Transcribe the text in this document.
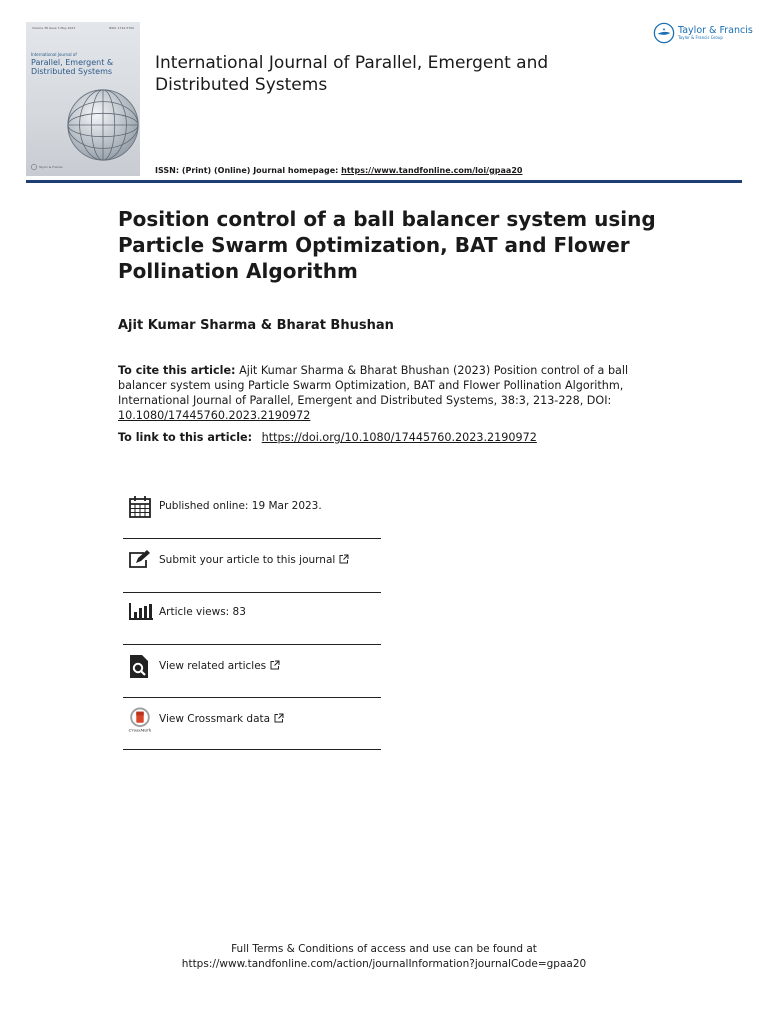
Volume 38 Issue 3 May 2023	ISSN: 1744-5760
International Journal of
Parallel, Emergent & Distributed Systems
Taylor & Francis
International Journal of Parallel, Emergent and Distributed Systems
Taylor & Francis
Taylor & Francis Group
ISSN: (Print) (Online) Journal homepage: https://www.tandfonline.com/loi/gpaa20
Position control of a ball balancer system using Particle Swarm Optimization, BAT and Flower Pollination Algorithm
Ajit Kumar Sharma & Bharat Bhushan
To cite this article: Ajit Kumar Sharma & Bharat Bhushan (2023) Position control of a ball balancer system using Particle Swarm Optimization, BAT and Flower Pollination Algorithm, International Journal of Parallel, Emergent and Distributed Systems, 38:3, 213-228, DOI: 10.1080/17445760.2023.2190972
To link to this article: https://doi.org/10.1080/17445760.2023.2190972
Published online: 19 Mar 2023.
Submit your article to this journal
Article views: 83
View related articles
CrossMark
View Crossmark data
Full Terms & Conditions of access and use can be found at
https://www.tandfonline.com/action/journalInformation?journalCode=gpaa20
